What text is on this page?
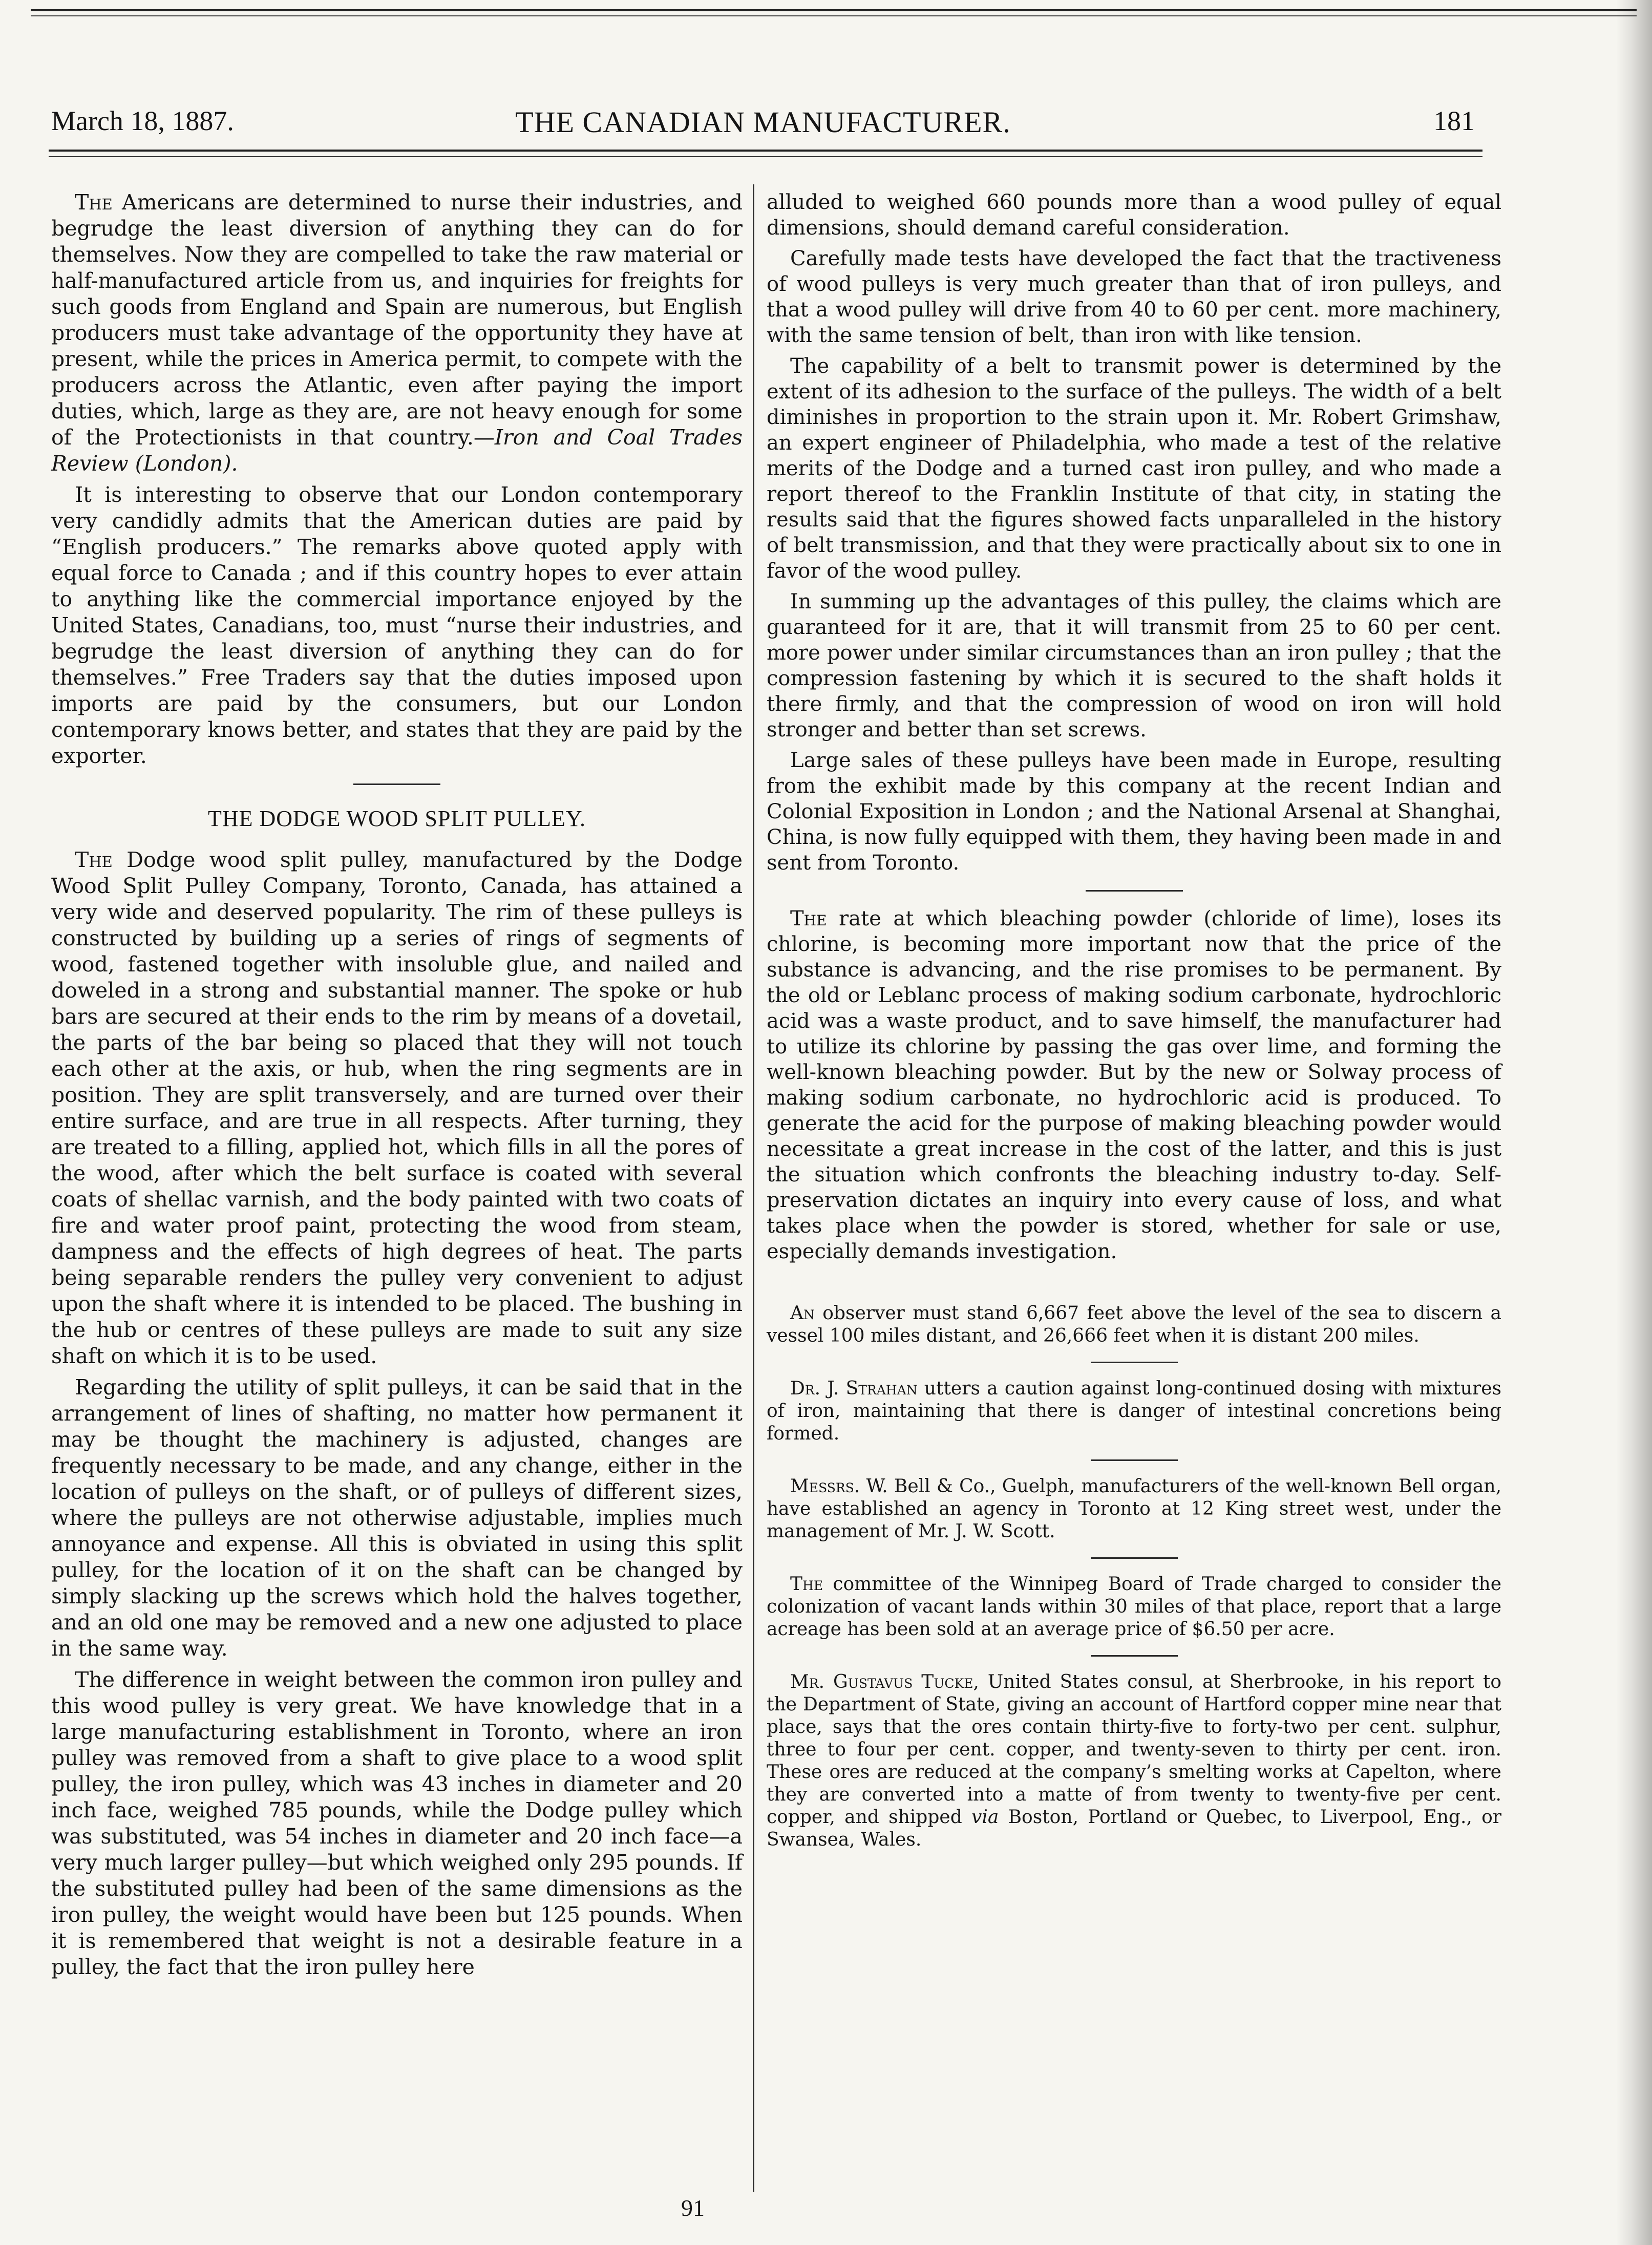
March 18, 1887.	THE CANADIAN MANUFACTURER.	181

The Americans are determined to nurse their industries, and begrudge the least diversion of anything they can do for themselves. Now they are compelled to take the raw material or half-manufactured article from us, and inquiries for freights for such goods from England and Spain are numerous, but English producers must take advantage of the opportunity they have at present, while the prices in America permit, to compete with the producers across the Atlantic, even after paying the import duties, which, large as they are, are not heavy enough for some of the Protectionists in that country.—Iron and Coal Trades Review (London).

It is interesting to observe that our London contemporary very candidly admits that the American duties are paid by “English producers.” The remarks above quoted apply with equal force to Canada ; and if this country hopes to ever attain to anything like the commercial importance enjoyed by the United States, Canadians, too, must “nurse their industries, and begrudge the least diversion of anything they can do for themselves.” Free Traders say that the duties imposed upon imports are paid by the consumers, but our London contemporary knows better, and states that they are paid by the exporter.

THE DODGE WOOD SPLIT PULLEY.

The Dodge wood split pulley, manufactured by the Dodge Wood Split Pulley Company, Toronto, Canada, has attained a very wide and deserved popularity. The rim of these pulleys is constructed by building up a series of rings of segments of wood, fastened together with insoluble glue, and nailed and doweled in a strong and substantial manner. The spoke or hub bars are secured at their ends to the rim by means of a dovetail, the parts of the bar being so placed that they will not touch each other at the axis, or hub, when the ring segments are in position. They are split transversely, and are turned over their entire surface, and are true in all respects. After turning, they are treated to a filling, applied hot, which fills in all the pores of the wood, after which the belt surface is coated with several coats of shellac varnish, and the body painted with two coats of fire and water proof paint, protecting the wood from steam, dampness and the effects of high degrees of heat. The parts being separable renders the pulley very convenient to adjust upon the shaft where it is intended to be placed. The bushing in the hub or centres of these pulleys are made to suit any size shaft on which it is to be used.

Regarding the utility of split pulleys, it can be said that in the arrangement of lines of shafting, no matter how permanent it may be thought the machinery is adjusted, changes are frequently necessary to be made, and any change, either in the location of pulleys on the shaft, or of pulleys of different sizes, where the pulleys are not otherwise adjustable, implies much annoyance and expense. All this is obviated in using this split pulley, for the location of it on the shaft can be changed by simply slacking up the screws which hold the halves together, and an old one may be removed and a new one adjusted to place in the same way.

The difference in weight between the common iron pulley and this wood pulley is very great. We have knowledge that in a large manufacturing establishment in Toronto, where an iron pulley was removed from a shaft to give place to a wood split pulley, the iron pulley, which was 43 inches in diameter and 20 inch face, weighed 785 pounds, while the Dodge pulley which was substituted, was 54 inches in diameter and 20 inch face—a very much larger pulley—but which weighed only 295 pounds. If the substituted pulley had been of the same dimensions as the iron pulley, the weight would have been but 125 pounds. When it is remembered that weight is not a desirable feature in a pulley, the fact that the iron pulley here

alluded to weighed 660 pounds more than a wood pulley of equal dimensions, should demand careful consideration.

Carefully made tests have developed the fact that the tractiveness of wood pulleys is very much greater than that of iron pulleys, and that a wood pulley will drive from 40 to 60 per cent. more machinery, with the same tension of belt, than iron with like tension.

The capability of a belt to transmit power is determined by the extent of its adhesion to the surface of the pulleys. The width of a belt diminishes in proportion to the strain upon it. Mr. Robert Grimshaw, an expert engineer of Philadelphia, who made a test of the relative merits of the Dodge and a turned cast iron pulley, and who made a report thereof to the Franklin Institute of that city, in stating the results said that the figures showed facts unparalleled in the history of belt transmission, and that they were practically about six to one in favor of the wood pulley.

In summing up the advantages of this pulley, the claims which are guaranteed for it are, that it will transmit from 25 to 60 per cent. more power under similar circumstances than an iron pulley ; that the compression fastening by which it is secured to the shaft holds it there firmly, and that the compression of wood on iron will hold stronger and better than set screws.

Large sales of these pulleys have been made in Europe, resulting from the exhibit made by this company at the recent Indian and Colonial Exposition in London ; and the National Arsenal at Shanghai, China, is now fully equipped with them, they having been made in and sent from Toronto.

The rate at which bleaching powder (chloride of lime), loses its chlorine, is becoming more important now that the price of the substance is advancing, and the rise promises to be permanent. By the old or Leblanc process of making sodium carbonate, hydrochloric acid was a waste product, and to save himself, the manufacturer had to utilize its chlorine by passing the gas over lime, and forming the well-known bleaching powder. But by the new or Solway process of making sodium carbonate, no hydrochloric acid is produced. To generate the acid for the purpose of making bleaching powder would necessitate a great increase in the cost of the latter, and this is just the situation which confronts the bleaching industry to-day. Self-preservation dictates an inquiry into every cause of loss, and what takes place when the powder is stored, whether for sale or use, especially demands investigation.

An observer must stand 6,667 feet above the level of the sea to discern a vessel 100 miles distant, and 26,666 feet when it is distant 200 miles.

Dr. J. Strahan utters a caution against long-continued dosing with mixtures of iron, maintaining that there is danger of intestinal concretions being formed.

Messrs. W. Bell & Co., Guelph, manufacturers of the well-known Bell organ, have established an agency in Toronto at 12 King street west, under the management of Mr. J. W. Scott.

The committee of the Winnipeg Board of Trade charged to consider the colonization of vacant lands within 30 miles of that place, report that a large acreage has been sold at an average price of $6.50 per acre.

Mr. Gustavus Tucke, United States consul, at Sherbrooke, in his report to the Department of State, giving an account of Hartford copper mine near that place, says that the ores contain thirty-five to forty-two per cent. sulphur, three to four per cent. copper, and twenty-seven to thirty per cent. iron. These ores are reduced at the company’s smelting works at Capelton, where they are converted into a matte of from twenty to twenty-five per cent. copper, and shipped via Boston, Portland or Quebec, to Liverpool, Eng., or Swansea, Wales.

91
